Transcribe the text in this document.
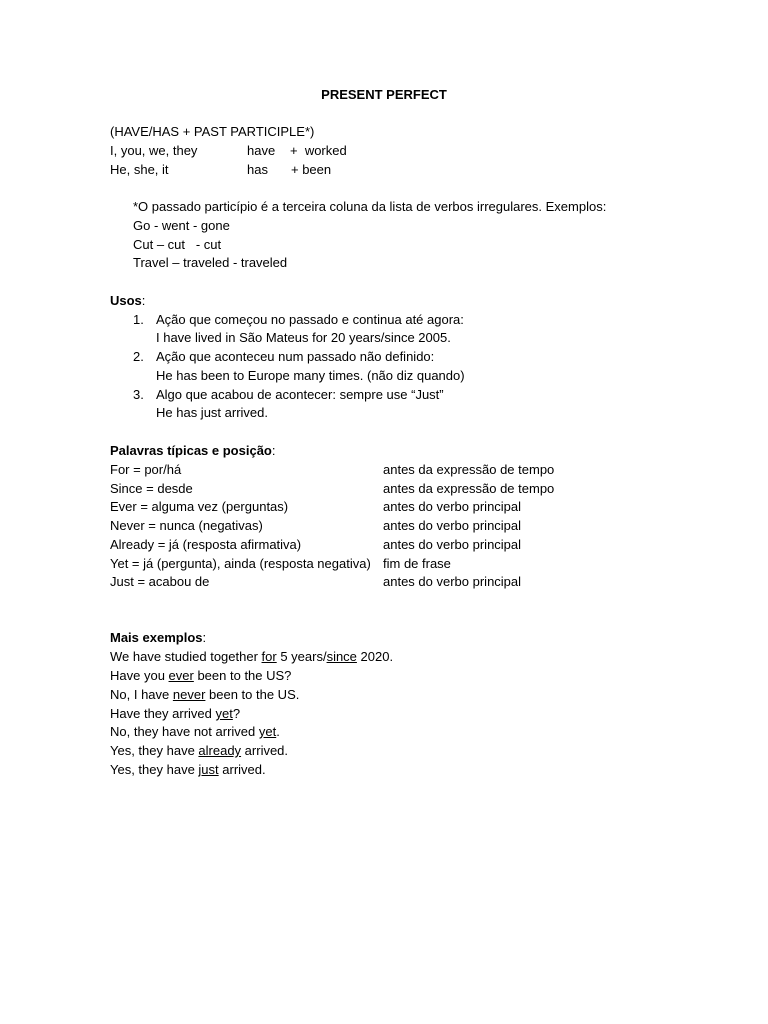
PRESENT PERFECT
(HAVE/HAS + PAST PARTICIPLE*)
I, you, we, they	have +  worked
He, she, it	has + been
*O passado particípio é a terceira coluna da lista de verbos irregulares. Exemplos:
Go - went - gone
Cut – cut   - cut
Travel – traveled - traveled
Usos:
1. Ação que começou no passado e continua até agora:
I have lived in São Mateus for 20 years/since 2005.
2. Ação que aconteceu num passado não definido:
He has been to Europe many times. (não diz quando)
3. Algo que acabou de acontecer: sempre use “Just”
He has just arrived.
Palavras típicas e posição:
For = por/há	antes da expressão de tempo
Since = desde	antes da expressão de tempo
Ever = alguma vez (perguntas)	antes do verbo principal
Never = nunca (negativas)	antes do verbo principal
Already = já (resposta afirmativa)	antes do verbo principal
Yet = já (pergunta), ainda (resposta negativa) fim de frase
Just = acabou de	antes do verbo principal
Mais exemplos:
We have studied together for 5 years/since 2020.
Have you ever been to the US?
No, I have never been to the US.
Have they arrived yet?
No, they have not arrived yet.
Yes, they have already arrived.
Yes, they have just arrived.
